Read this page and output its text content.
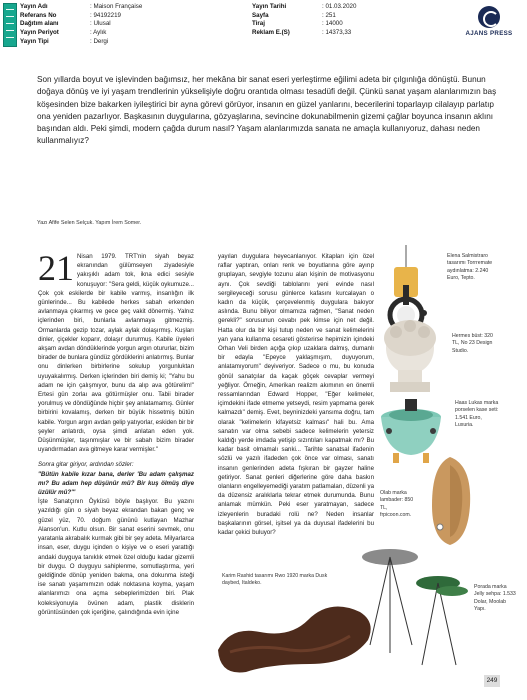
Yayın Adı	: Maison Française
Referans No	: 94192219
Dağıtım alanı	: Ulusal
Yayın Periyot	: Aylık
Yayın Tipi	: Dergi
Yayın Tarihi	: 01.03.2020
Sayfa	: 251
Tiraj	: 14000
Reklam E.(S)	: 14373,33	AJANS PRESS

Son yıllarda boyut ve işlevinden bağımsız, her mekâna bir sanat eseri yerleştirme eğilimi adeta bir çılgınlığa dönüştü. Bunun doğaya dönüş ve iyi yaşam trendlerinin yükselişiyle doğru orantıda olması tesadüfi değil. Çünkü sanat yaşam alanlarımızın baş köşesinden bize bakarken iyileştirici bir ayna görevi görüyor, insanın en güzel yanlarını, becerilerini toparlayıp cilalayıp parlatıp ona yeniden pazarlıyor. Başkasının duygularına, gözyaşlarına, sevincine dokunabilmenin gizemi çağlar boyunca insanın aklını başından aldı. Peki şimdi, modern çağda durum nasıl? Yaşam alanlarımızda sanata ne amaçla kullanıyoruz, dahası neden kullanmalıyız?

Yazı Afife Selen Selçuk. Yapım İrem Somer.
21 Nisan 1979. TRT'nin siyah beyaz ekranından gülümseyen ziyadesiyle yakışıklı adam tok, ikna edici sesiyle konuşuyor: "Sera geldi, küçük oykumuze... Çok çok eskilerde bir kabile varmış, insanlığın ilk günlerinde... Bu kabilede herkes sabah erkenden avlanmaya çıkarmış ve gece geç vakit dönermiş. Yalnız içlerinden biri, bunlarla avlanmaya gitmezmiş. Ormanlarda gezip tozar, aylak aylak dolaşırmış. Kuşları dinler, çiçekler koparır, dolaşır dururmuş. Kabile üyeleri akşam avdan döndüklerinde yorgun argın otururlar, bizim birader de bunlara gündüz gördüklerini anlatırmış. Bunlar onu dinlerken birbirlerine sokulup yorgunluktan uyuyakalırmış. Derken içlerinden biri demiş ki; "Yahu bu adam ne için çalışmıyor, bunu da alıp ava götürelim!" Ertesi gün zorlaı ava götürmüşler onu. Tabii birader yorulmuş ve döndüğünde hiçbir şey anlatamamış. Günler birbirini kovalamış, derken bir büyük hissetmiş bütün kabile. Yorgun argın avdan gelip yatıyorlar, eskiden bir bir şeyler anlatırdı, oysa şimdi anlatan eden yok. Düşünmüşler, taşınmışlar ve bir sabah bizim birader uyandırmadan ava gitmeye karar vermişler."

Sonra gitar giriyor, ardından sözler:

"Bütün kabile kızar bana, derler 'Bu adam çalışmaz mı? Bu adam hep düşünür mü? Bir kuş ölmüş diye üzülür mü?'"

İşte Sanatçının Öyküsü böyle başlıyor. Bu yazını yazıldığı gün o siyah beyaz ekrandan bakan genç ve güzel yüz, 70. doğum gününü kutlayan Mazhar Alanson'un. Kutlu olsun. Bir sanat eserini sevmek, onu yaratanla akrabalık kurmak gibi bir şey adeta. Milyarlarca insan, eser, duygu içinden o kişiye ve o eseri yarattığı andaki duyguya tanıklık etmek özel olduğu kadar gizemli bir duygu. O duyguyu sahiplenme, somutlaştırma, yeri geldiğinde dönüp yeniden bakma, ona dokunma isteği ise sanatı yaşamımızın odak noktasına koyma, yaşam alanlarımızı ona açma sebeplerimizden biri. Plak koleksiyonuyla övünen adam, plastik disklerin görüntüsünden çok içeriğine, çalındığında evin içine

yayılan duygulara heyecanlanıyor. Kitapları için özel raflar yaptıran, onları renk ve boyutlarına göre ayırıp gruplayan, sevgiyle tozunu alan kişinin de motivasyonu aynı. Çok sevdiği tablolarını yeni evinde nasıl sergileyeceği sorusu günlerce kafasını kurcalayan o kadın da küçük, çerçevelenmiş duygulara bakıyor aslında. Bunu biliyor olmamıza rağmen, "Sanat neden gerekli?" sorusunun cevabı pek kimse için net değil. Hatta olur da bir kişi tutup neden ve sanat kelimelerini yan yana kullanma cesareti gösterirse hepimizin içindeki Orhan Veli birden açığa çıkıp uzaklara dalmış, dumanlı bir edayla "Epeyce yaklaşmışım, duyuyorum, anlatamıyorum" deyiveriyor. Sadece o mu, bu konuda gönül sanatçılar da kaçak göçek cevaplar vermeyi yeğliyor. Örneğin, Amerikan realizm akımının en önemli ressamlarından Edward Hopper, "Eğer kelimeler, içimdekini ifade etmeme yetseydi, resim yapmama gerek kalmazdı" demiş. Evet, beyninizdeki yansıma doğru, tam olarak "kelimelerin kifayetsiz kalması" hali bu. Ama sanatın var olma sebebi sadece kelimelerin yetersiz kaldığı yerde imdada yetişip sızıntıları kapatmak mı? Bu kadar basit olmamalı sanki... Tarihte sanatsal ifadenin sözlü ve yazılı ifadeden çok önce var olması, sanatı insanın genlerinden adeta fışkıran bir gayzer haline getiriyor. Sanat genleri diğerlerine göre daha baskın olanların engelleyemediği yaratım patlamaları, düzenli ya da düzensiz aralıklarla tekrar etmek durumunda. Bunu anlamak mümkün. Peki eser yaratmayan, sadece izleyenlerin buradaki rolü ne? Neden insanlar başkalarının görsel, işitsel ya da duyusal ifadelerini bu kadar çekici buluyor?

Elena Salmistraro tasarımı Torrremate aydınlatma: 2.240 Euro, Tepto.
Hermes büst: 320 TL, No 23 Design Studio.
Haas Lukas marka porselen kase seti: 1.541 Euro, Luxuria.
Olab marka lambader: 850 TL, frpicoon.com.
Porada marka Jelly sehpa: 1.533 Dolar, Moolab Yapı.
Karim Rashid tasarımı Rwo 1920 marka Dusk daybed, Italdeko.
249
